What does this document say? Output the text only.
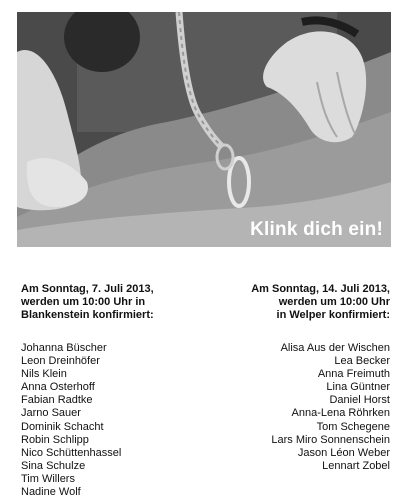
Klink dich ein!
Am Sonntag, 7. Juli 2013,
werden um 10:00 Uhr in
Blankenstein konfirmiert:
Johanna Büscher
Leon Dreinhöfer
Nils Klein
Anna Osterhoff
Fabian Radtke
Jarno Sauer
Dominik Schacht
Robin Schlipp
Nico Schüttenhassel
Sina Schulze
Tim Willers
Nadine Wolf
Am Sonntag, 14. Juli 2013,
werden um 10:00 Uhr
in Welper konfirmiert:
Alisa Aus der Wischen
Lea Becker
Anna Freimuth
Lina Güntner
Daniel Horst
Anna-Lena Röhrken
Tom Schegene
Lars Miro Sonnenschein
Jason Léon Weber
Lennart Zobel
